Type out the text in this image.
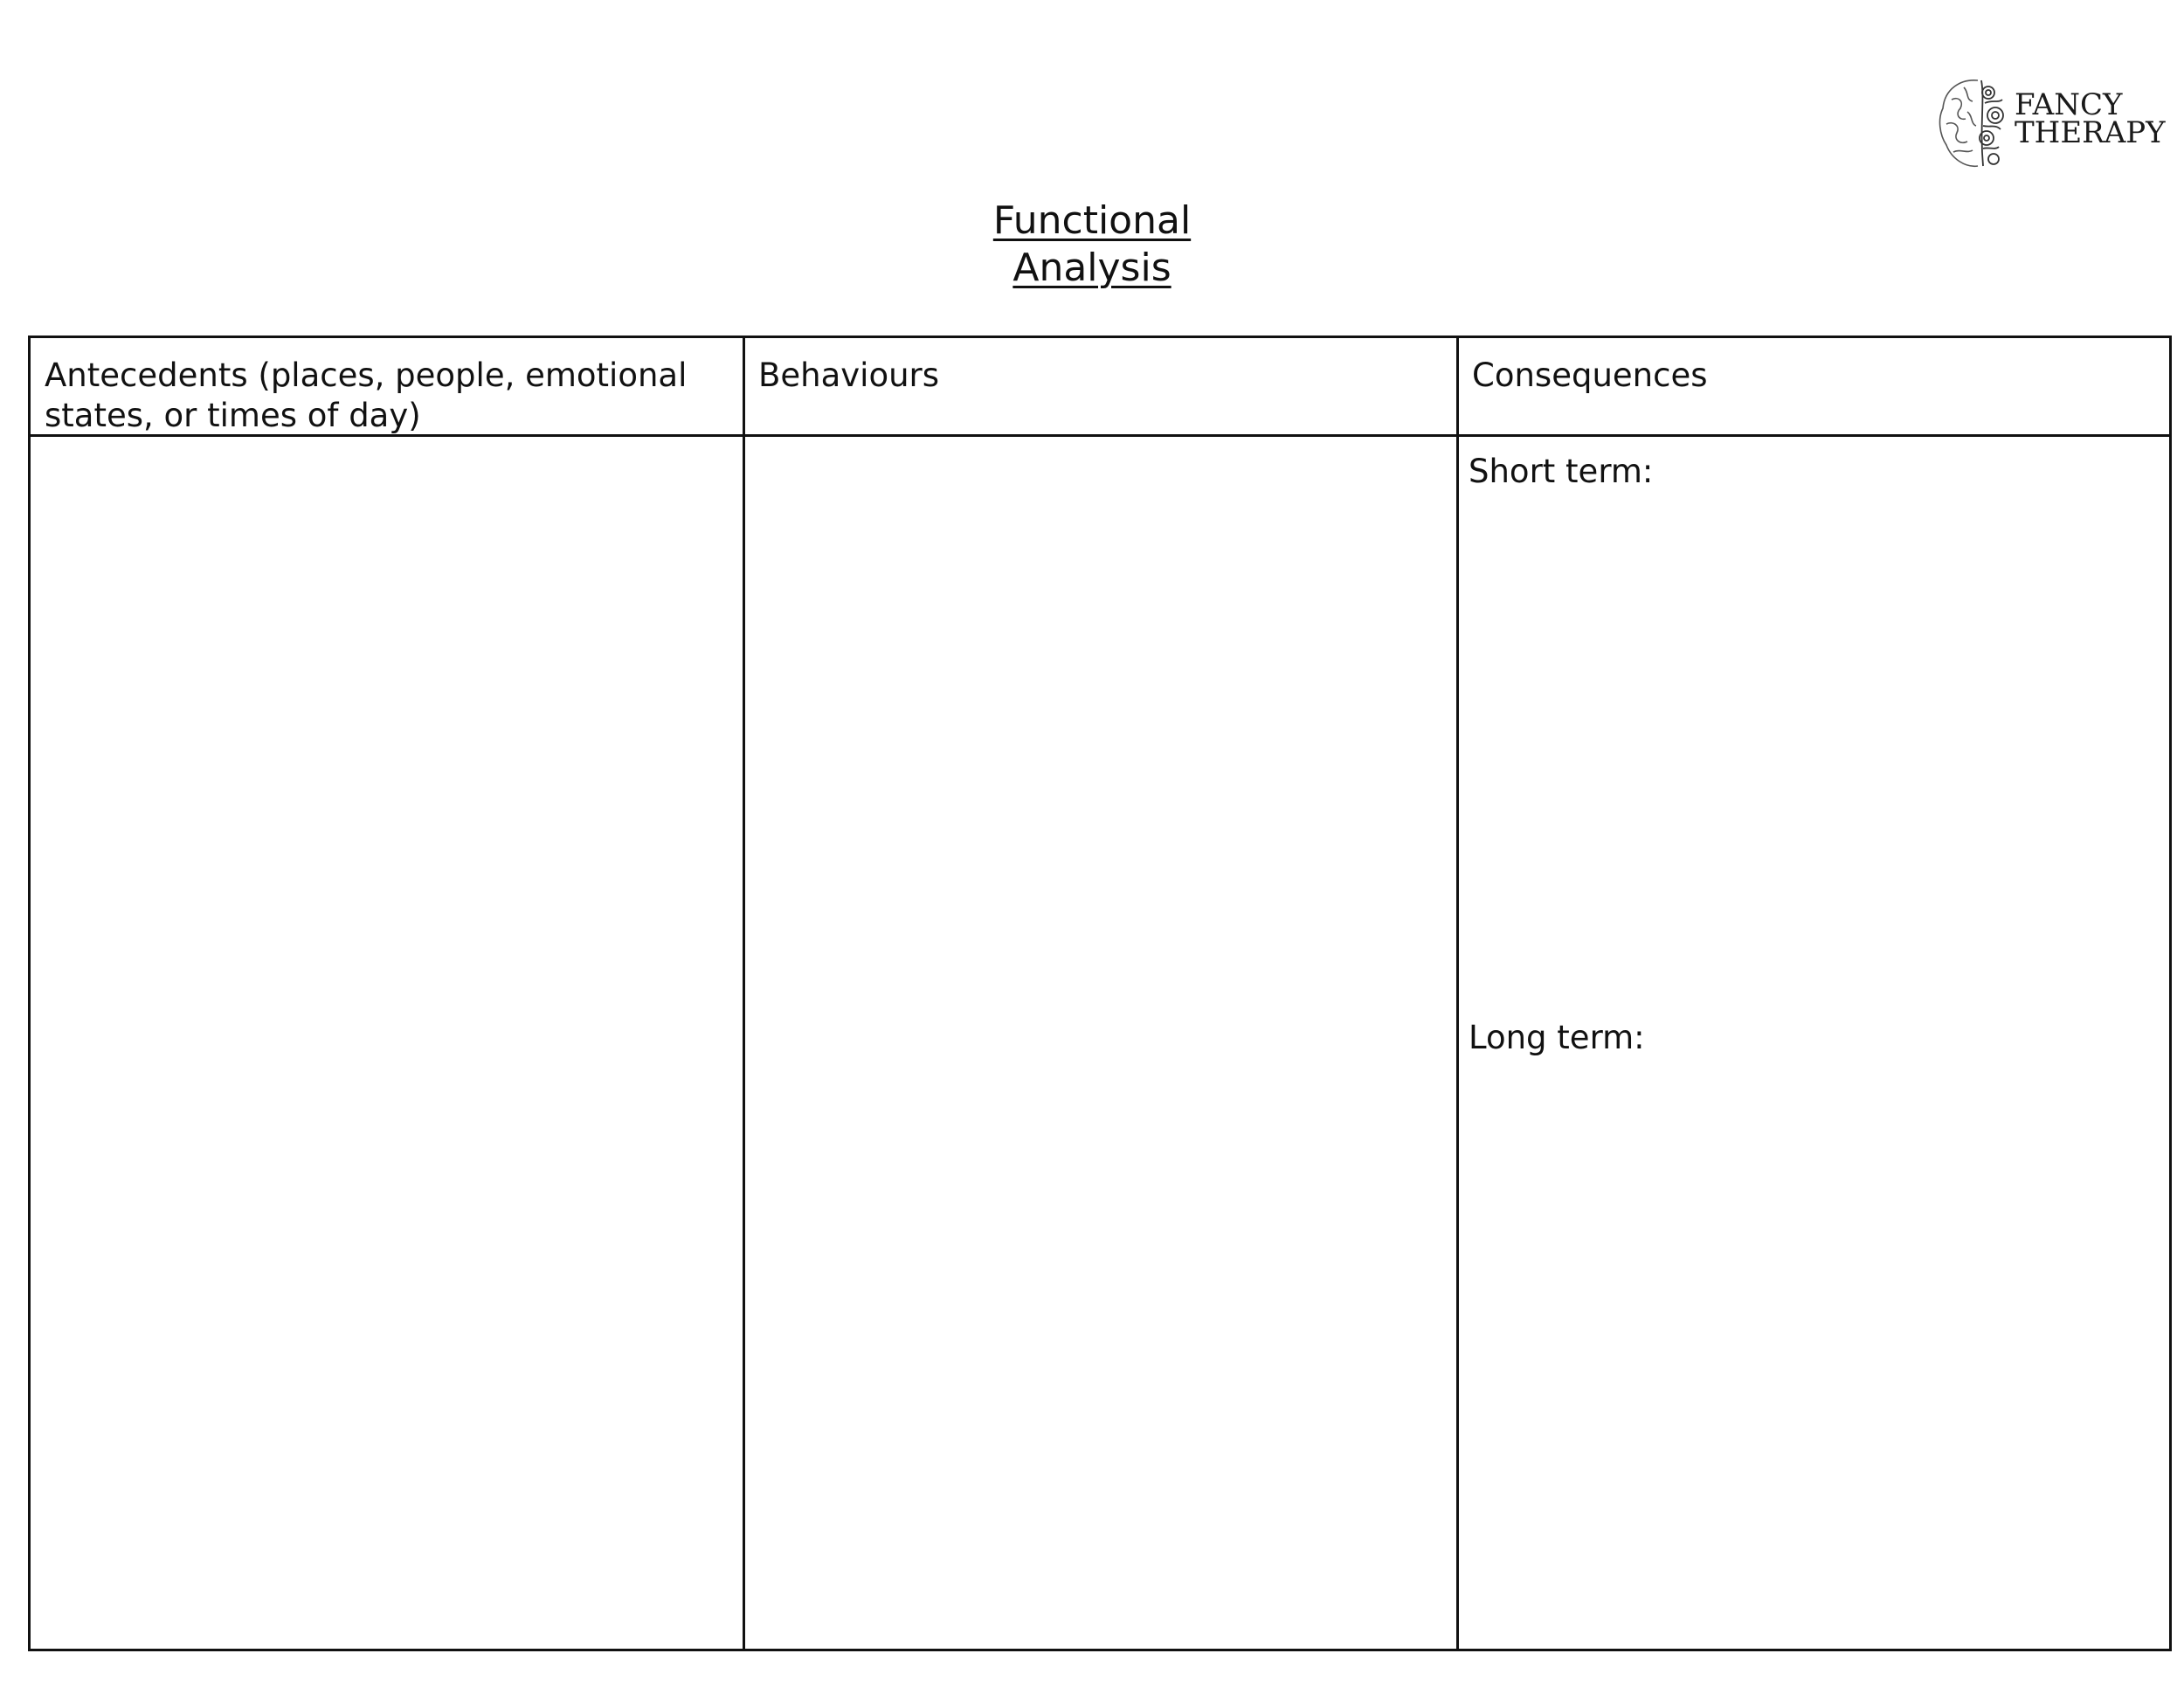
FANCY
THERAPY
Functional
Analysis
Antecedents (places, people, emotional states, or times of day)
Behaviours	Consequences
Short term:
Long term:
